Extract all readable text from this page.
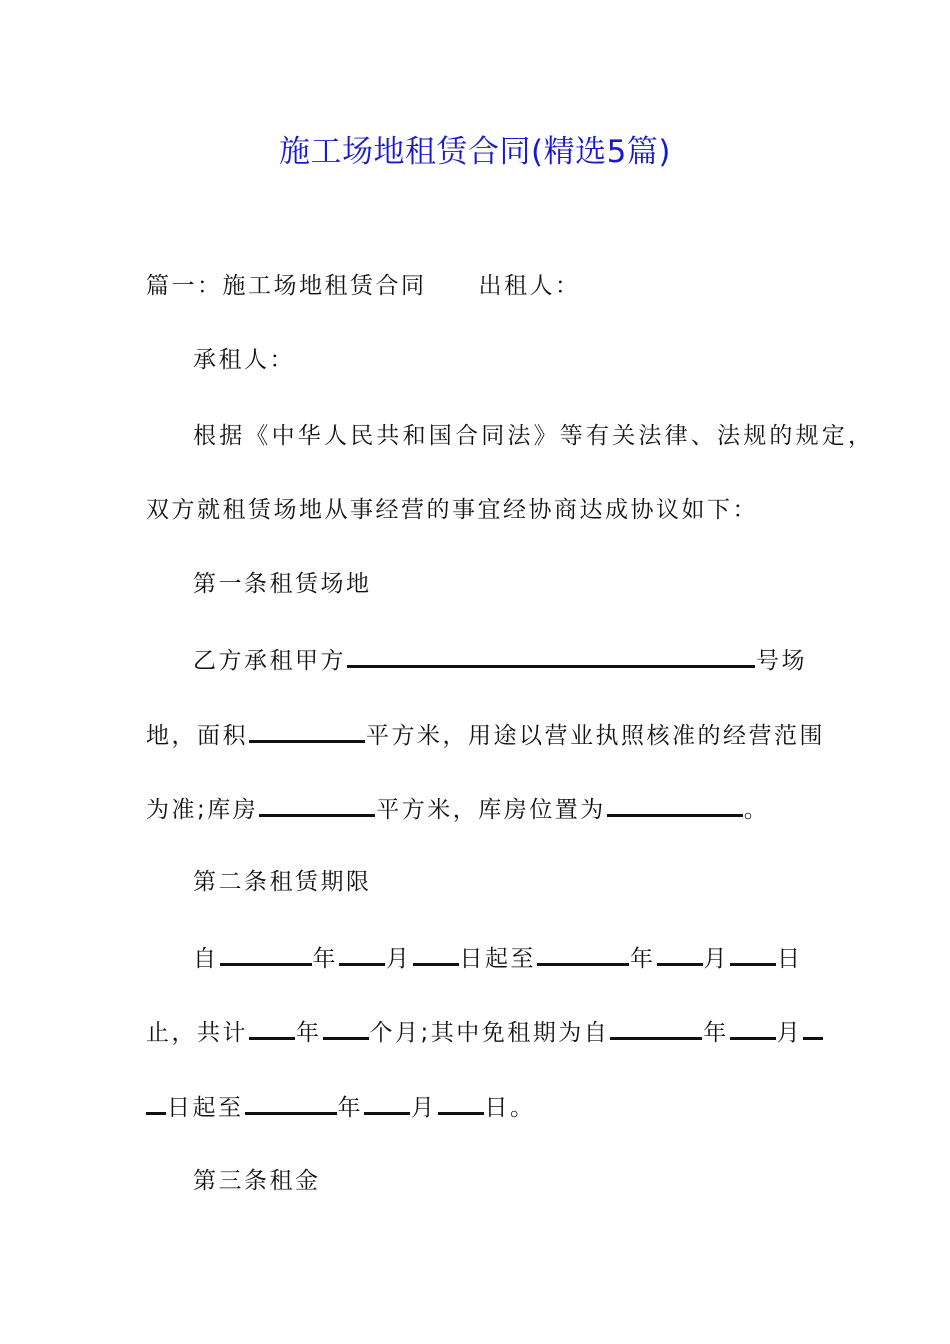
施工场地租赁合同(精选5篇)
篇一：施工场地租赁合同 出租人：
承租人：
根据《中华人民共和国合同法》等有关法律、法规的规定，
双方就租赁场地从事经营的事宜经协商达成协议如下：
第一条租赁场地
乙方承租甲方	号场
地，面积	平方米，用途以营业执照核准的经营范围
为准;库房	平方米，库房位置为	。
第二条租赁期限
自	年 月 日起至	年 月 日
止，共计 年 个月;其中免租期为自	年 月
日起至	年 月 日。
第三条租金
